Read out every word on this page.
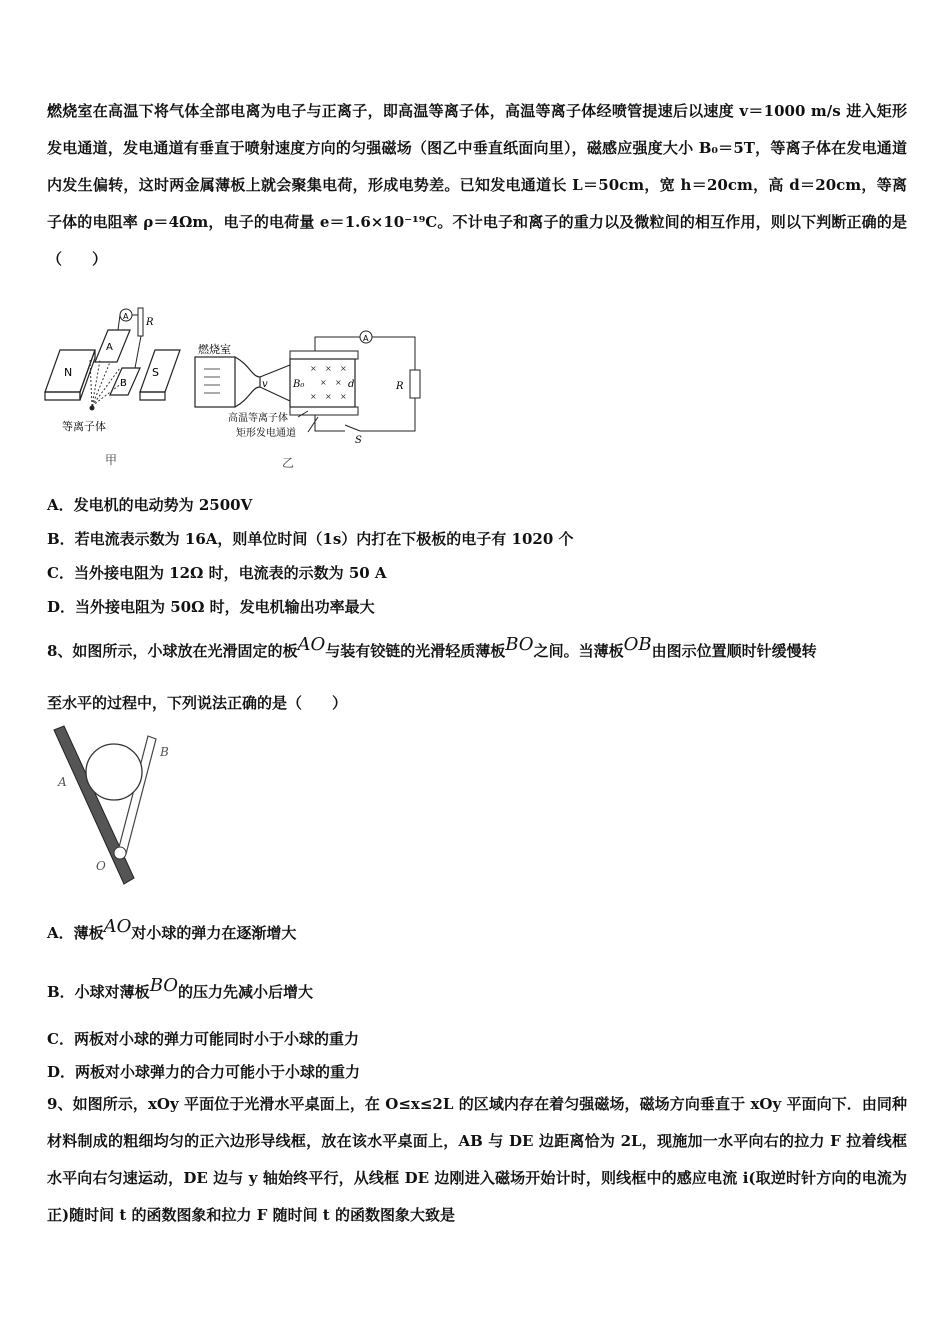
燃烧室在高温下将气体全部电离为电子与正离子，即高温等离子体，高温等离子体经喷管提速后以速度 v＝1000 m/s 进入矩形发电通道，发电通道有垂直于喷射速度方向的匀强磁场（图乙中垂直纸面向里），磁感应强度大小 B₀＝5T，等离子体在发电通道内发生偏转，这时两金属薄板上就会聚集电荷，形成电势差。已知发电通道长 L＝50cm，宽 h＝20cm，高 d＝20cm，等离子体的电阻率 ρ＝4Ωm，电子的电荷量 e＝1.6×10⁻¹⁹C。不计电子和离子的重力以及微粒间的相互作用，则以下判断正确的是（　　）
N	S
A
B
A
R
等离子体
甲
燃烧室
v	B₀
× × ×
× ×
× × ×
d
A
R
S
高温等离子体
矩形发电通道
乙
A．发电机的电动势为 2500V
B．若电流表示数为 16A，则单位时间（1s）内打在下极板的电子有 1020 个
C．当外接电阻为 12Ω 时，电流表的示数为 50 A
D．当外接电阻为 50Ω 时，发电机输出功率最大
8、如图所示，小球放在光滑固定的板$^{AO}$与装有铰链的光滑轻质薄板$^{BO}$之间。当薄板$^{OB}$由图示位置顺时针缓慢转
至水平的过程中，下列说法正确的是（　　）
A
B
O
A．薄板$^{AO}$对小球的弹力在逐渐增大
B．小球对薄板$^{BO}$的压力先减小后增大
C．两板对小球的弹力可能同时小于小球的重力
D．两板对小球弹力的合力可能小于小球的重力
9、如图所示，xOy 平面位于光滑水平桌面上，在 O≤x≤2L 的区域内存在着匀强磁场，磁场方向垂直于 xOy 平面向下．由同种材料制成的粗细均匀的正六边形导线框，放在该水平桌面上，AB 与 DE 边距离恰为 2L，现施加一水平向右的拉力 F 拉着线框水平向右匀速运动，DE 边与 y 轴始终平行，从线框 DE 边刚进入磁场开始计时，则线框中的感应电流 i(取逆时针方向的电流为正)随时间 t 的函数图象和拉力 F 随时间 t 的函数图象大致是
